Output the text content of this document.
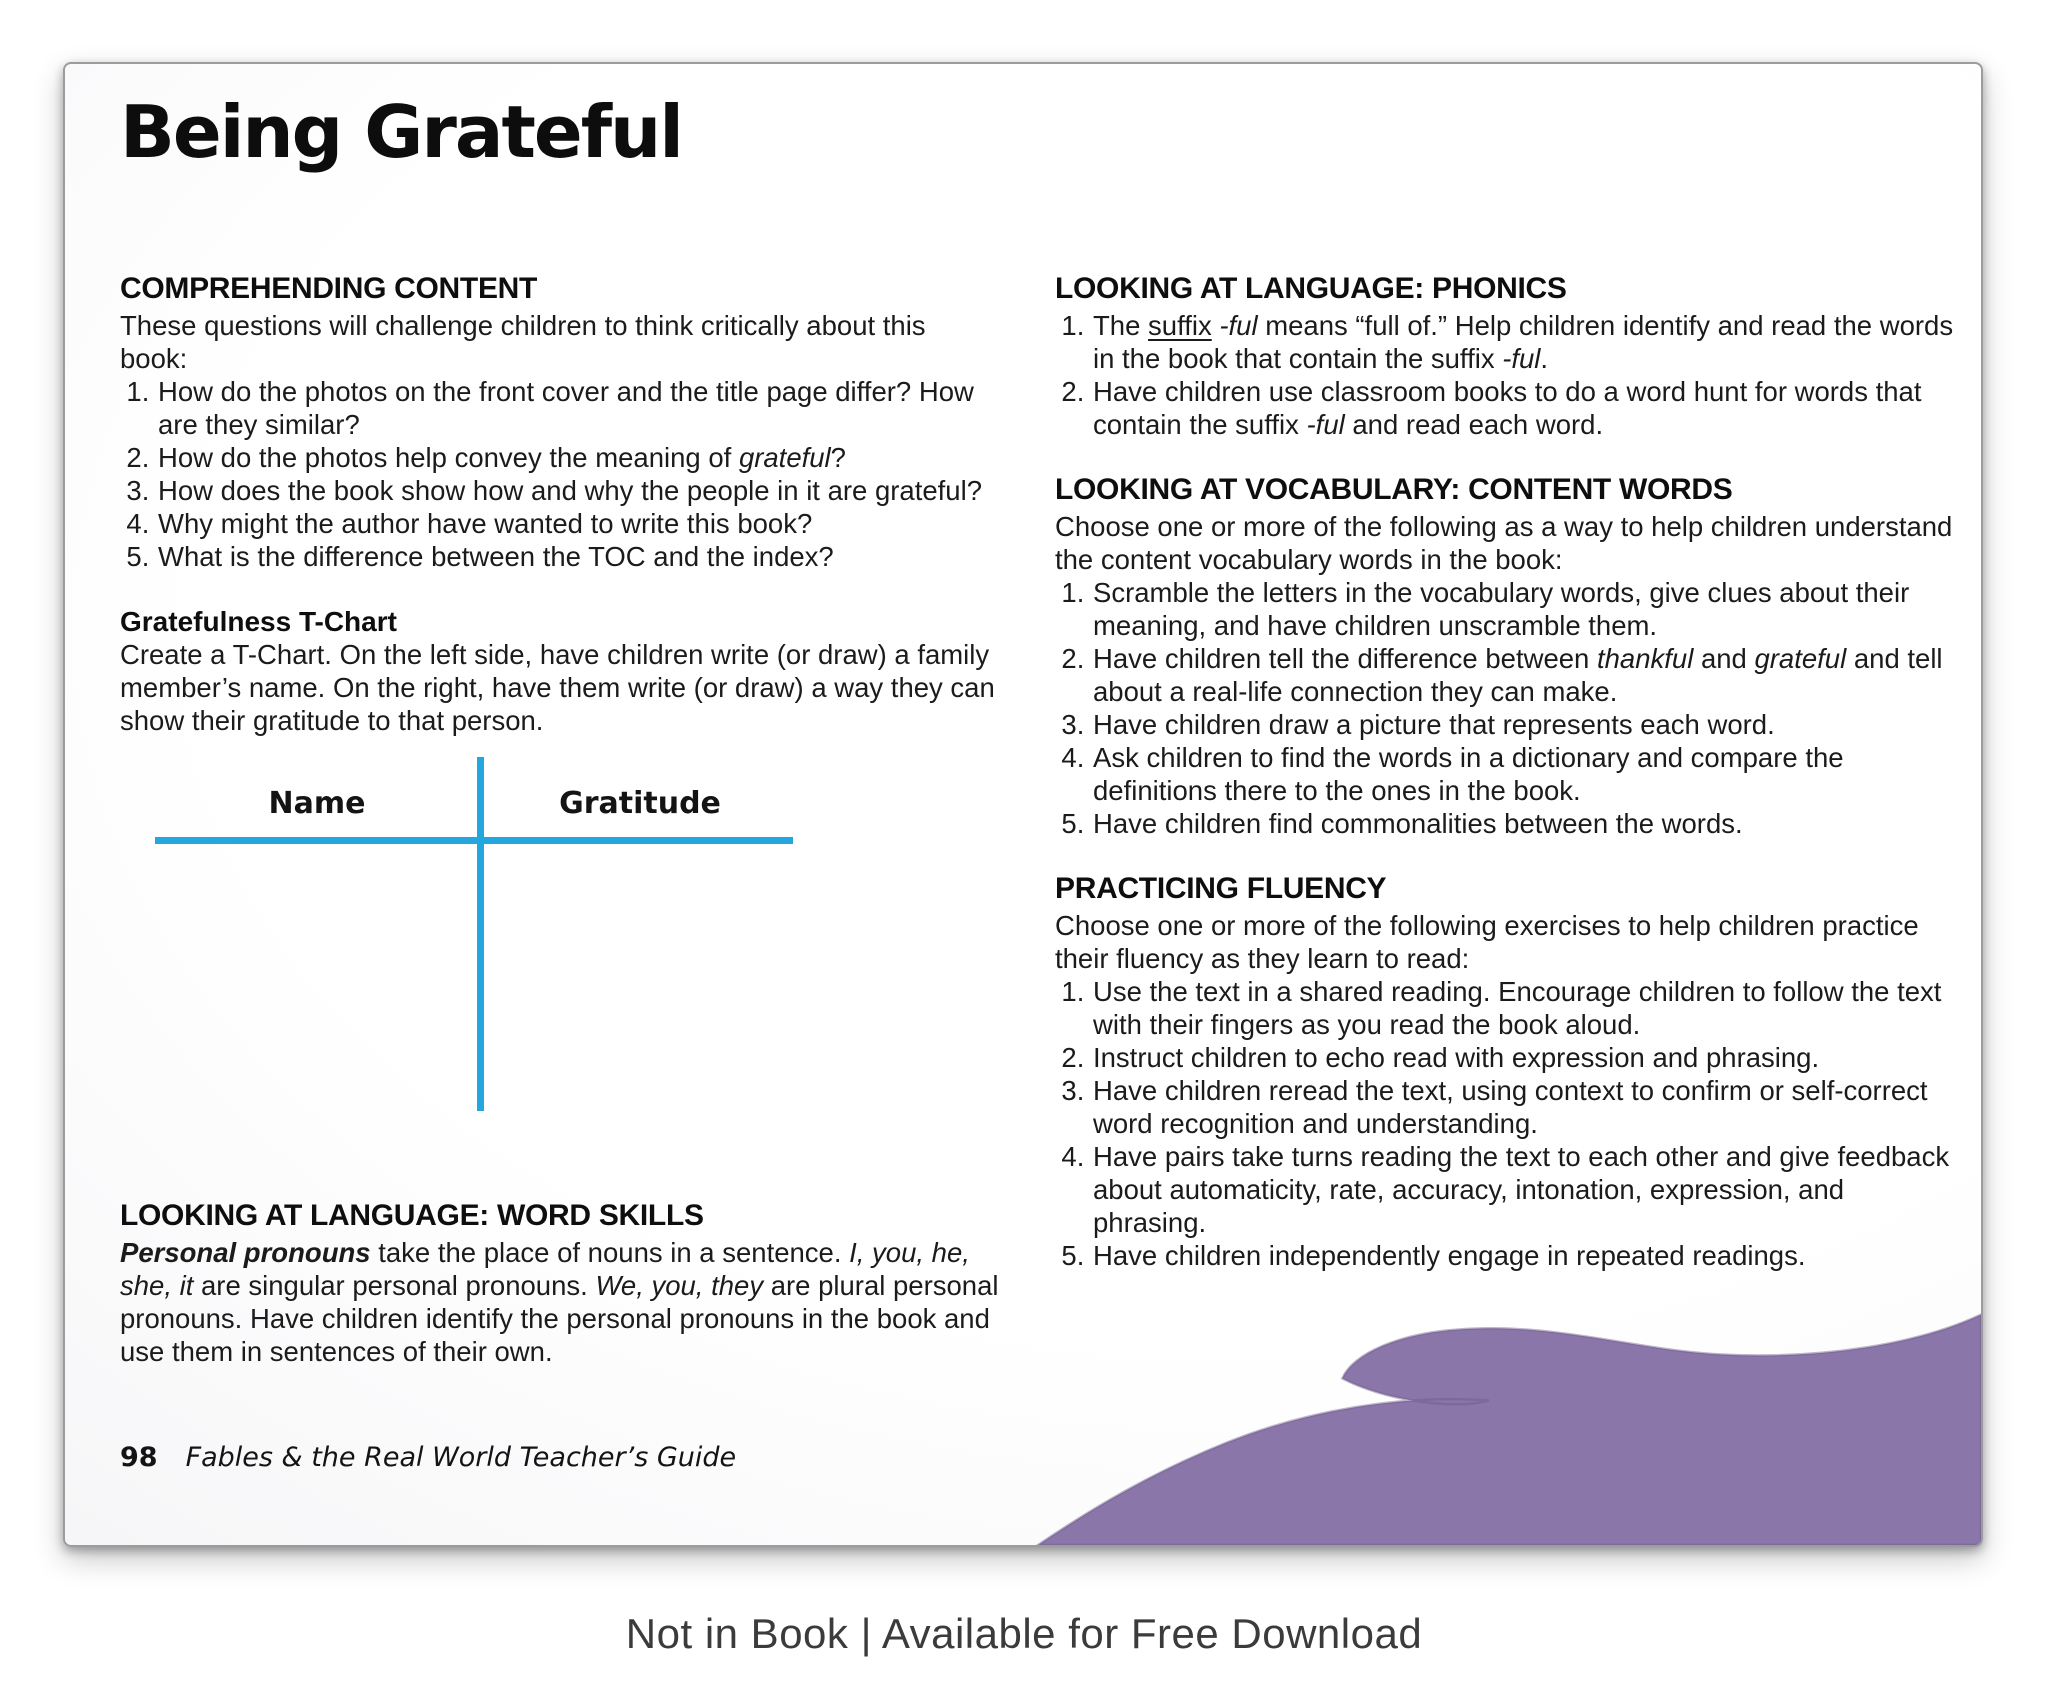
Being Grateful
COMPREHENDING CONTENT

These questions will challenge children to think critically about this book:

1. How do the photos on the front cover and the title page differ? How are they similar?
2. How do the photos help convey the meaning of grateful?
3. How does the book show how and why the people in it are grateful?
4. Why might the author have wanted to write this book?
5. What is the difference between the TOC and the index?
Gratefulness T-Chart

Create a T-Chart. On the left side, have children write (or draw) a family member’s name. On the right, have them write (or draw) a way they can show their gratitude to that person.

Name	Gratitude
LOOKING AT LANGUAGE: WORD SKILLS

Personal pronouns take the place of nouns in a sentence. I, you, he, she, it are singular personal pronouns. We, you, they are plural personal pronouns. Have children identify the personal pronouns in the book and use them in sentences of their own.

LOOKING AT LANGUAGE: PHONICS
1. The suffix -ful means “full of.” Help children identify and read the words in the book that contain the suffix -ful.
2. Have children use classroom books to do a word hunt for words that contain the suffix -ful and read each word.
LOOKING AT VOCABULARY: CONTENT WORDS

Choose one or more of the following as a way to help children understand the content vocabulary words in the book:

1. Scramble the letters in the vocabulary words, give clues about their meaning, and have children unscramble them.
2. Have children tell the difference between thankful and grateful and tell about a real-life connection they can make.
3. Have children draw a picture that represents each word.
4. Ask children to find the words in a dictionary and compare the definitions there to the ones in the book.
5. Have children find commonalities between the words.
PRACTICING FLUENCY

Choose one or more of the following exercises to help children practice their fluency as they learn to read:

1. Use the text in a shared reading. Encourage children to follow the text with their fingers as you read the book aloud.
2. Instruct children to echo read with expression and phrasing.
3. Have children reread the text, using context to confirm or self-correct word recognition and understanding.
4. Have pairs take turns reading the text to each other and give feedback about automaticity, rate, accuracy, intonation, expression, and phrasing.
5. Have children independently engage in repeated readings.
98 Fables & the Real World Teacher’s Guide
Not in Book | Available for Free Download
